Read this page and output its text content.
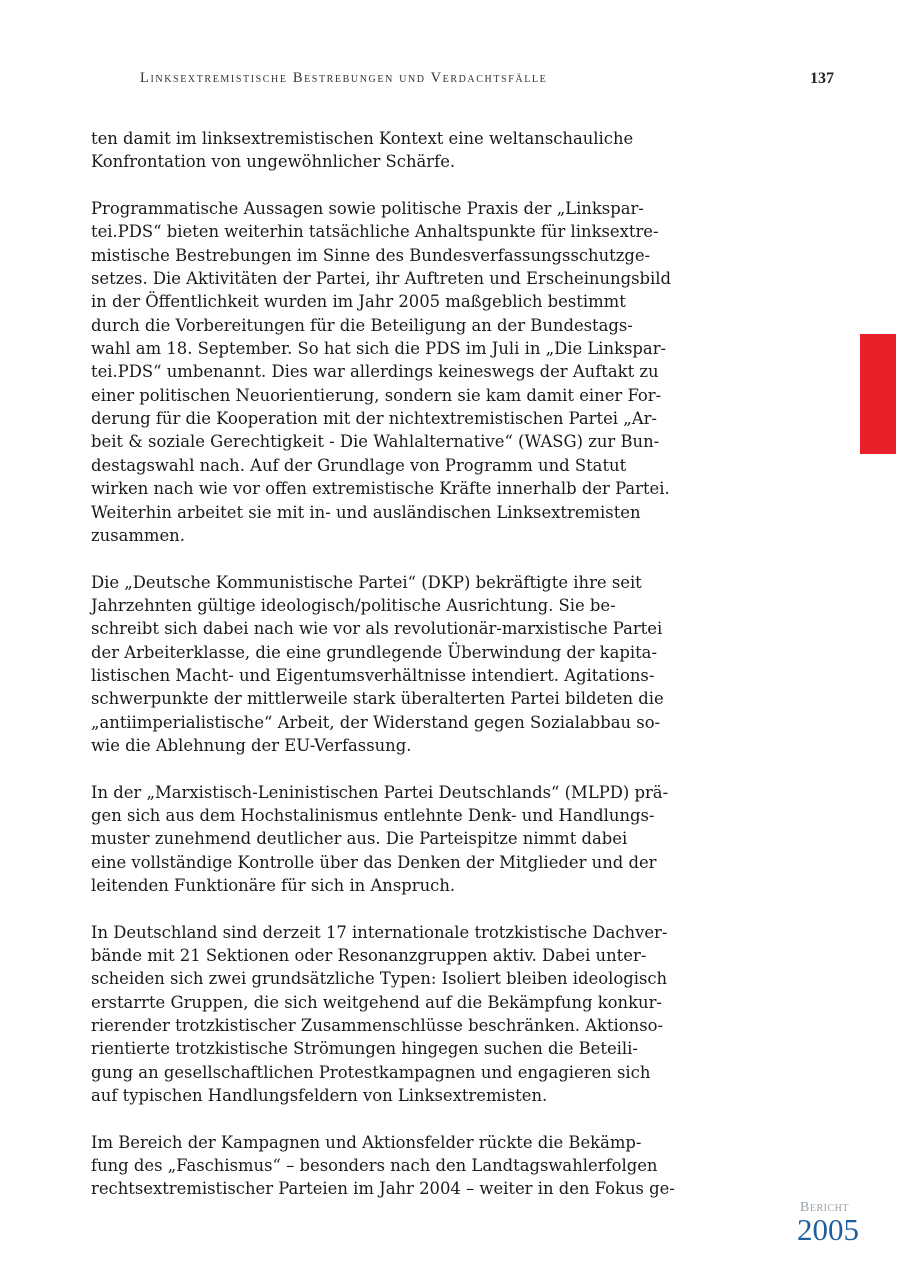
Linksextremistische Bestrebungen und Verdachtsfälle	137

ten damit im linksextremistischen Kontext eine weltanschauliche
Konfrontation von ungewöhnlicher Schärfe.

Programmatische Aussagen sowie politische Praxis der „Linkspar-
tei.PDS“ bieten weiterhin tatsächliche Anhaltspunkte für linksextre-
mistische Bestrebungen im Sinne des Bundesverfassungsschutzge-
setzes. Die Aktivitäten der Partei, ihr Auftreten und Erscheinungsbild
in der Öffentlichkeit wurden im Jahr 2005 maßgeblich bestimmt
durch die Vorbereitungen für die Beteiligung an der Bundestags-
wahl am 18. September. So hat sich die PDS im Juli in „Die Linkspar-
tei.PDS“ umbenannt. Dies war allerdings keineswegs der Auftakt zu
einer politischen Neuorientierung, sondern sie kam damit einer For-
derung für die Kooperation mit der nichtextremistischen Partei „Ar-
beit & soziale Gerechtigkeit - Die Wahlalternative“ (WASG) zur Bun-
destagswahl nach. Auf der Grundlage von Programm und Statut
wirken nach wie vor offen extremistische Kräfte innerhalb der Partei.
Weiterhin arbeitet sie mit in- und ausländischen Linksextremisten
zusammen.

Die „Deutsche Kommunistische Partei“ (DKP) bekräftigte ihre seit
Jahrzehnten gültige ideologisch/politische Ausrichtung. Sie be-
schreibt sich dabei nach wie vor als revolutionär-marxistische Partei
der Arbeiterklasse, die eine grundlegende Überwindung der kapita-
listischen Macht- und Eigentumsverhältnisse intendiert. Agitations-
schwerpunkte der mittlerweile stark überalterten Partei bildeten die
„antiimperialistische“ Arbeit, der Widerstand gegen Sozialabbau so-
wie die Ablehnung der EU-Verfassung.

In der „Marxistisch-Leninistischen Partei Deutschlands“ (MLPD) prä-
gen sich aus dem Hochstalinismus entlehnte Denk- und Handlungs-
muster zunehmend deutlicher aus. Die Parteispitze nimmt dabei
eine vollständige Kontrolle über das Denken der Mitglieder und der
leitenden Funktionäre für sich in Anspruch.

In Deutschland sind derzeit 17 internationale trotzkistische Dachver-
bände mit 21 Sektionen oder Resonanzgruppen aktiv. Dabei unter-
scheiden sich zwei grundsätzliche Typen: Isoliert bleiben ideologisch
erstarrte Gruppen, die sich weitgehend auf die Bekämpfung konkur-
rierender trotzkistischer Zusammenschlüsse beschränken. Aktionso-
rientierte trotzkistische Strömungen hingegen suchen die Beteili-
gung an gesellschaftlichen Protestkampagnen und engagieren sich
auf typischen Handlungsfeldern von Linksextremisten.

Im Bereich der Kampagnen und Aktionsfelder rückte die Bekämp-
fung des „Faschismus“ – besonders nach den Landtagswahlerfolgen
rechtsextremistischer Parteien im Jahr 2004 – weiter in den Fokus ge-

Bericht
2005
